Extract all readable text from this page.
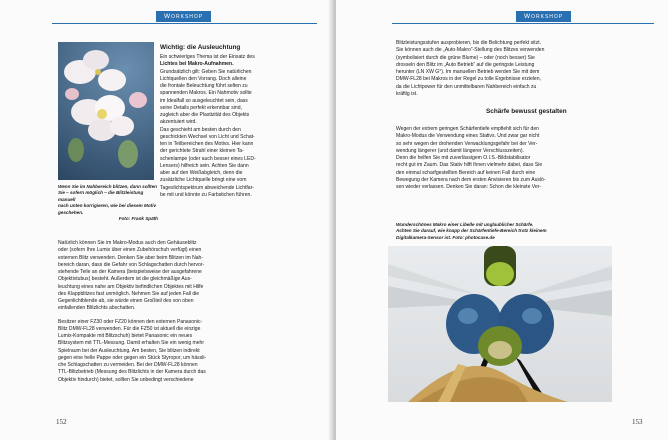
Workshop
Wenn Sie im Nahbereich blitzen, dann sollten
Sie – sofern möglich – die Blitzleistung manuell
nach unten korrigieren, wie bei diesem Motiv
geschehen.
Foto: Frank Späth
Wichtig: die Ausleuchtung

Ein schwieriges Thema ist der Einsatz des

Lichtes bei Makro-Aufnahmen.

Grundsätzlich gilt: Geben Sie natürlichen

Lichtquellen den Vorrang. Doch alleine

die frontale Beleuchtung führt selten zu

spannenden Makros. Ein Nahmotiv sollte

im Idealfall so ausgeleuchtet sein, dass

seine Details perfekt erkennbar sind,

zugleich aber die Plastizität des Objekts

akzentuiert wird.

Das geschieht am besten durch den

geschickten Wechsel von Licht und Schat-

ten in Teilbereichen des Motivs. Hier kann

der gerichtete Strahl einer kleinen Ta-

schenlampe (oder auch besser eines LED-

Lensers) hilfreich sein. Achten Sie dann

aber auf den Weißabgleich, denn die

zusätzliche Lichtquelle bringt eine vom

Tageslichtspektrum abweichende Lichtfar-

be mit und könnte zu Farbstichen führen.

Natürlich können Sie im Makro-Modus auch den Gehäuseblitz

oder (sofern Ihre Lumix über einen Zubehörschuh verfügt) einen

externen Blitz verwenden. Denken Sie aber beim Blitzen im Nah-

bereich daran, dass die Gefahr von Schlagschatten durch hervor-

stehende Teile an der Kamera (beispielsweise der ausgefahrene

Objektivtubus) besteht. Außerdem ist die gleichmäßige Aus-

leuchtung eines nahe am Objektiv befindlichen Objektes mit Hilfe

des Klappblitzes fast unmöglich. Nehmen Sie auf jeden Fall die

Gegenlichtblende ab, sie würde einen Großteil des von oben

einfallenden Blitzlichts abschatten.

Besitzer einer FZ30 oder FZ20 können den externen Panasonic-

Blitz DMW-FL28 verwenden. Für die FZ50 ist aktuell die einzige

Lumix-Kompakte mit Blitzschuh) bietet Panasonic ein neues

Blitzsystem mit TTL-Messung. Damit erhalten Sie ein wenig mehr

Spielraum bei der Ausleuchtung. Am besten, Sie blitzen indirekt

gegen eine helle Pappe oder gegen ein Stück Styropor, um hässli-

che Schlagschatten zu vermeiden. Bei der DMW-FL28 können

TTL-Blitzbetrieb (Messung des Blitzlichts in der Kamera durch das

Objektiv hindurch) bietet, sollten Sie unbedingt verschiedene

152
Workshop

Blitzleistungsstufen ausprobieren, bis die Belichtung perfekt sitzt.

Sie können auch die „Auto-Makro“-Stellung des Blitzes verwenden

(symbolisiert durch die grüne Blume) – oder (noch besser) Sie

drosseln den Blitz im „Auto Betrieb“ auf die geringste Leistung

herunter (LN XW G°). Im manuellen Betrieb werden Sie mit dem

DMW-FL28 bei Makros in der Regel zu tolle Ergebnisse erzielen,

da die Lichtpower für den unmittelbaren Nahbereich einfach zu

kräftig ist.

Schärfe bewusst gestalten

Wegen der extrem geringen Schärfentiefe empfiehlt sich für den

Makro-Modus die Verwendung eines Stativs. Und zwar gar nicht

so sehr wegen der drohenden Verwacklungsgefahr bei der Ver-

wendung längerer (und damit längerer Verschlusszeiten).

Denn die helfen Sie mit zuverlässigem O.I.S.-Bildstabilisator

recht gut im Zaum. Das Stativ hilft Ihnen vielmehr dabei, dass Sie

den einmal scharfgestellten Bereich auf keinen Fall durch eine

Bewegung der Kamera nach dem ersten Anvisieren bis zum Auslö-

sen wieder verlassen. Denken Sie daran: Schon die kleinste Ver-

Wunderschönes Makro einer Libelle mit unglaublicher Schärfe.
Achten Sie darauf, wie knapp der Schärfentiefe-Bereich trotz kleinem
Digitalkamera-Sensor ist. Foto: photocase.de
153
